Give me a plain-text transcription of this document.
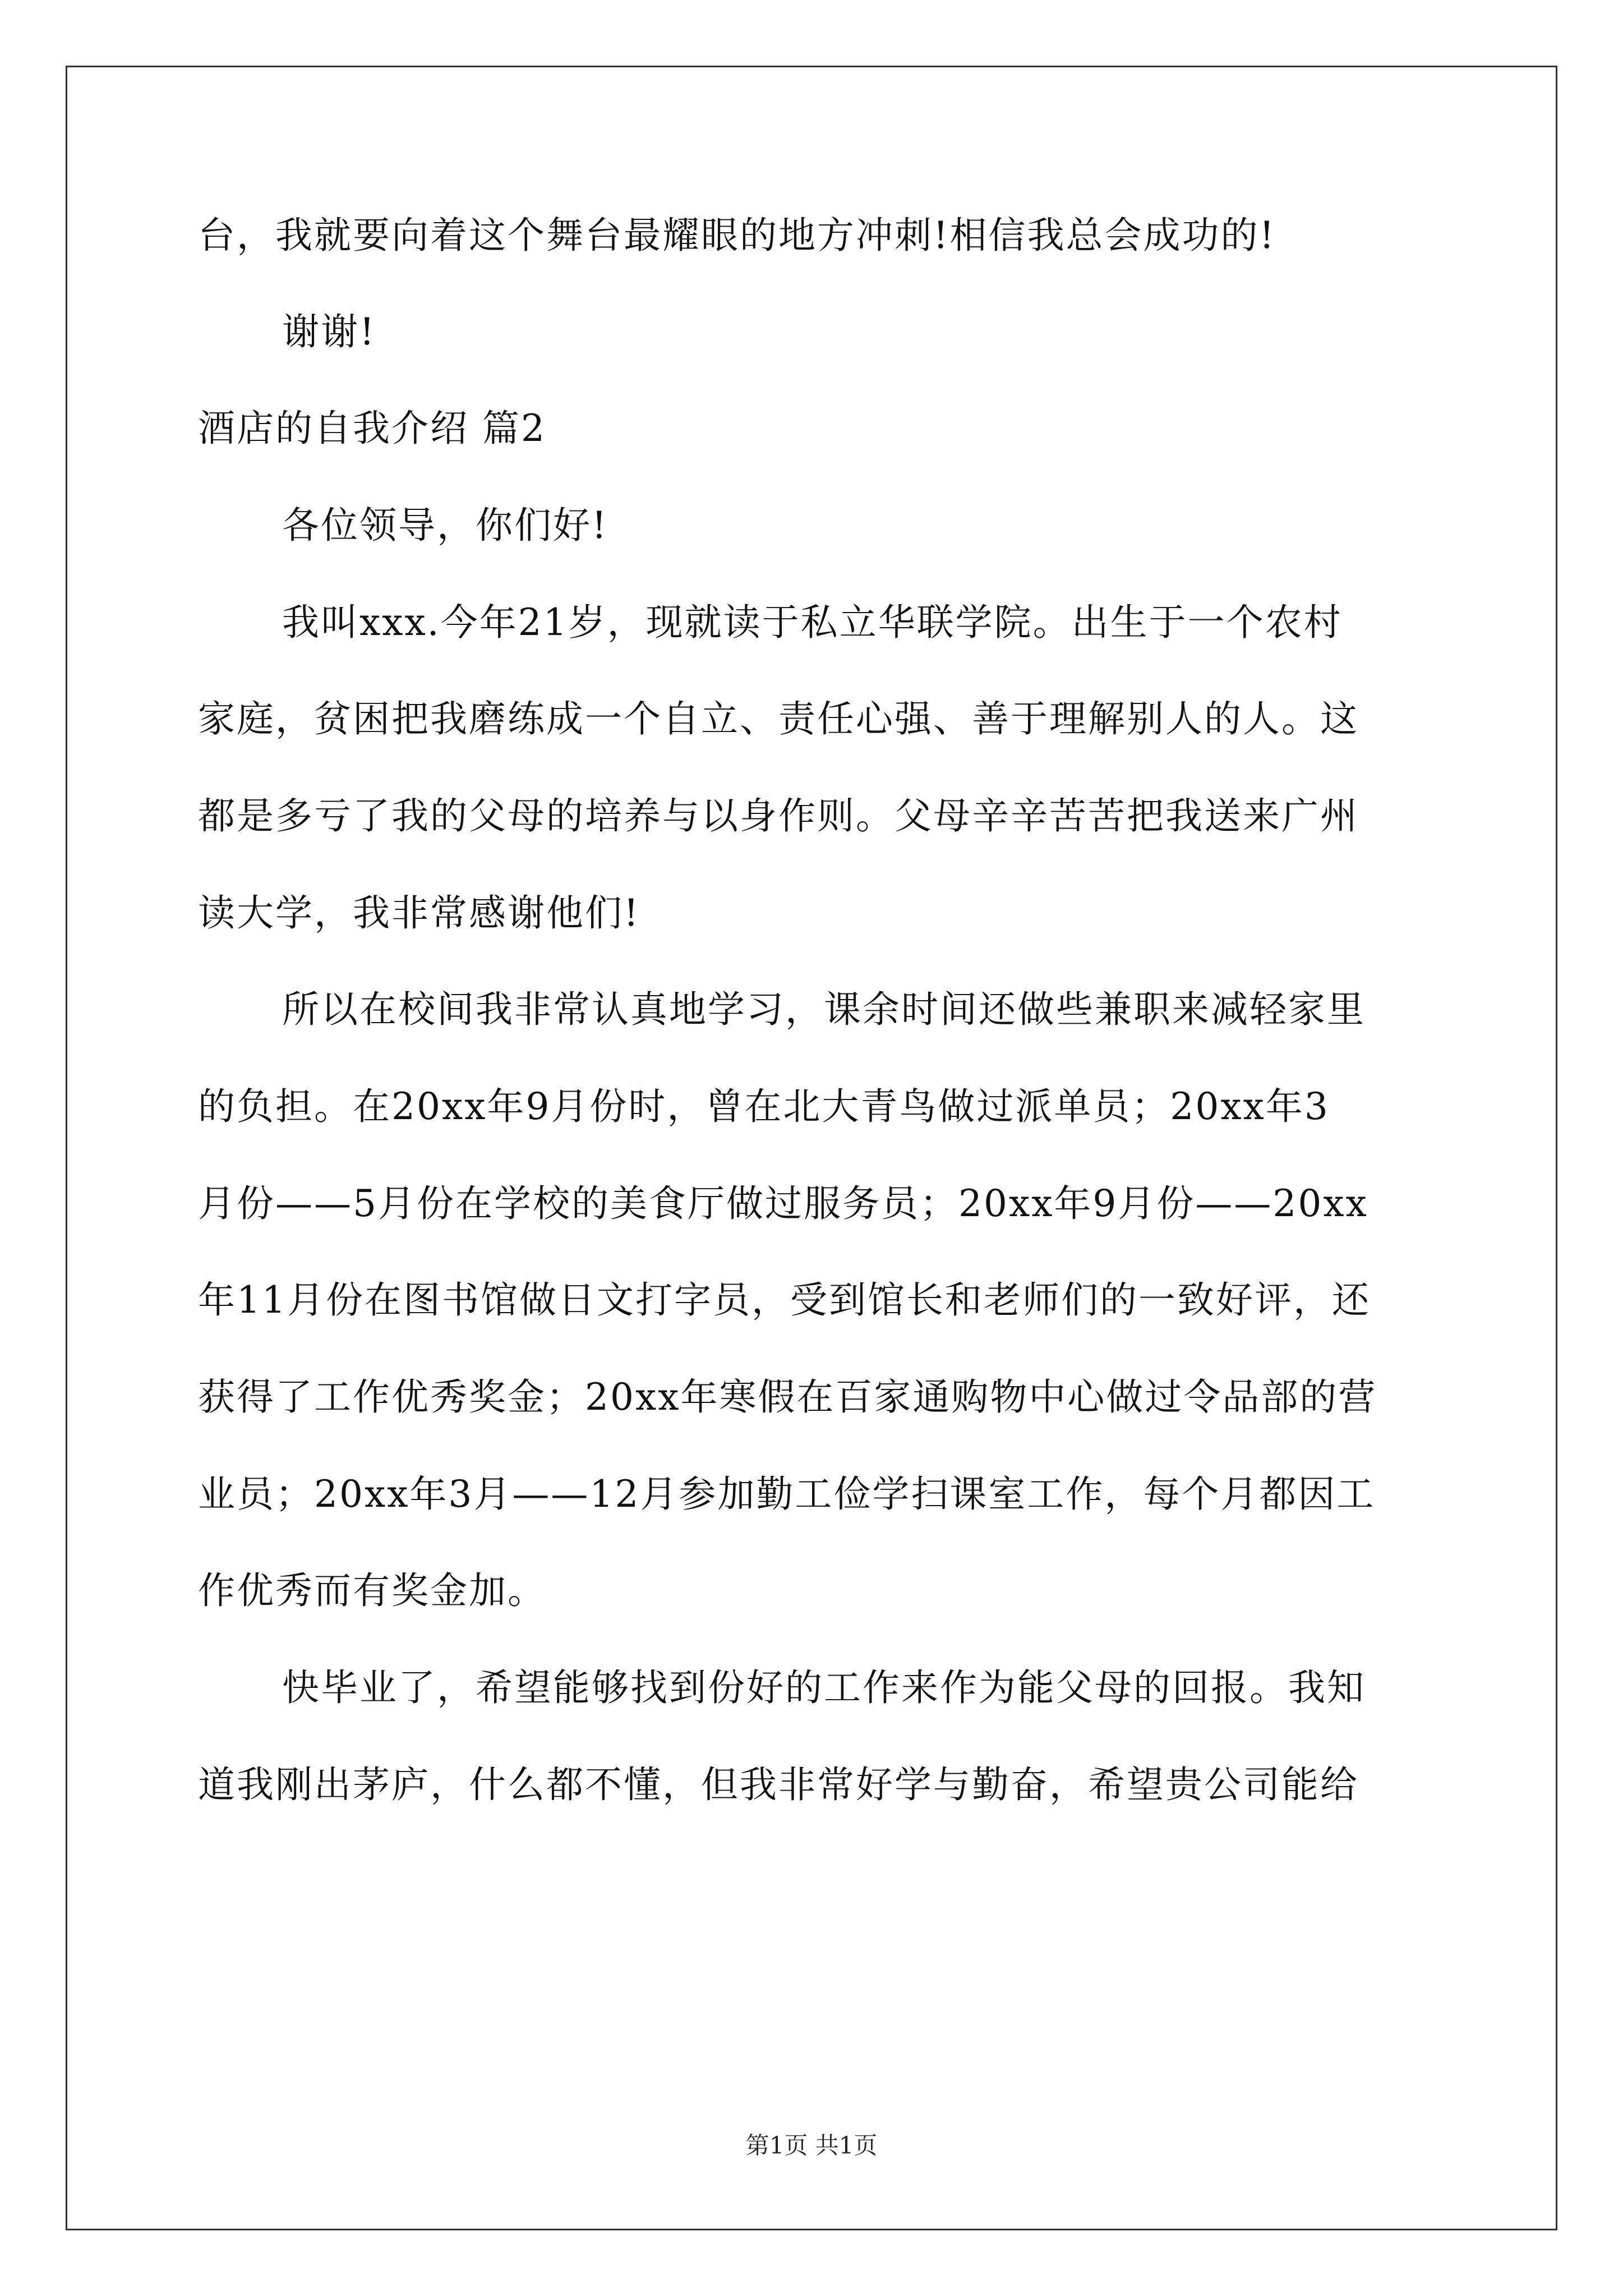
台，我就要向着这个舞台最耀眼的地方冲刺!相信我总会成功的!
谢谢!
酒店的自我介绍 篇2
各位领导，你们好!
我叫xxx.今年21岁，现就读于私立华联学院。出生于一个农村
家庭，贫困把我磨练成一个自立、责任心强、善于理解别人的人。这
都是多亏了我的父母的培养与以身作则。父母辛辛苦苦把我送来广州
读大学，我非常感谢他们!
所以在校间我非常认真地学习，课余时间还做些兼职来减轻家里
的负担。在20xx年9月份时，曾在北大青鸟做过派单员；20xx年3
月份——5月份在学校的美食厅做过服务员；20xx年9月份——20xx
年11月份在图书馆做日文打字员，受到馆长和老师们的一致好评，还
获得了工作优秀奖金；20xx年寒假在百家通购物中心做过令品部的营
业员；20xx年3月——12月参加勤工俭学扫课室工作，每个月都因工
作优秀而有奖金加。
快毕业了，希望能够找到份好的工作来作为能父母的回报。我知
道我刚出茅庐，什么都不懂，但我非常好学与勤奋，希望贵公司能给
第1页 共1页
